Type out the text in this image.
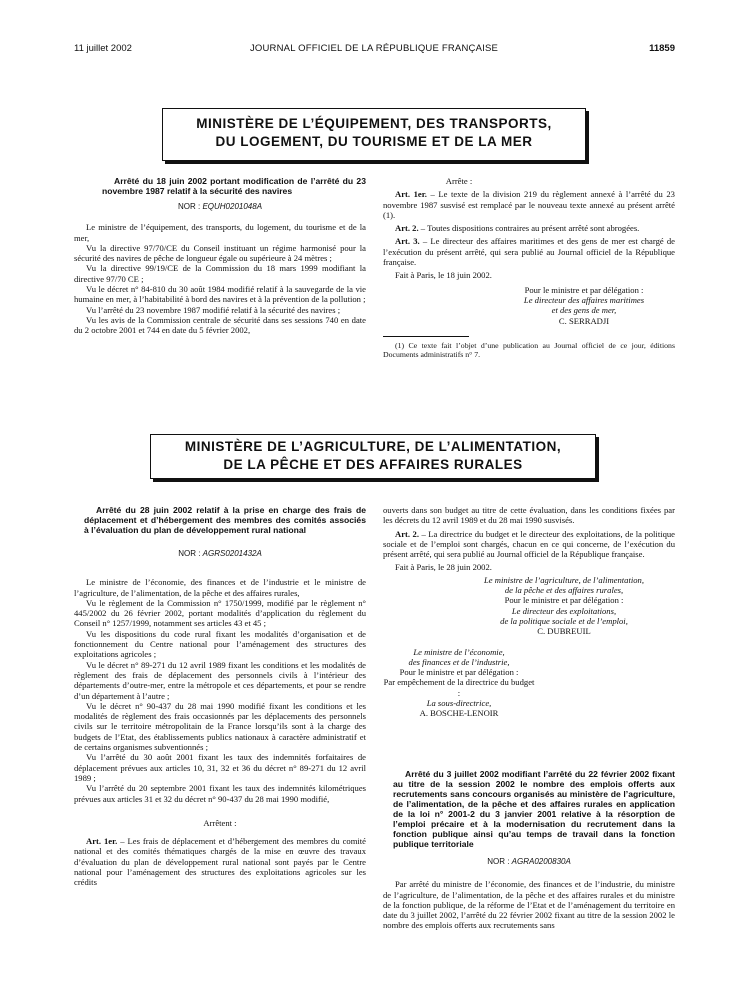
11 juillet 2002	JOURNAL OFFICIEL DE LA RÉPUBLIQUE FRANÇAISE	11859
MINISTÈRE DE L’ÉQUIPEMENT, DES TRANSPORTS,
DU LOGEMENT, DU TOURISME ET DE LA MER

Arrêté du 18 juin 2002 portant modification de l’arrêté du 23 novembre 1987 relatif à la sécurité des navires

NOR : EQUH0201048A

Le ministre de l’équipement, des transports, du logement, du tourisme et de la mer,

Vu la directive 97/70/CE du Conseil instituant un régime harmonisé pour la sécurité des navires de pêche de longueur égale ou supérieure à 24 mètres ;

Vu la directive 99/19/CE de la Commission du 18 mars 1999 modifiant la directive 97/70 CE ;

Vu le décret n° 84-810 du 30 août 1984 modifié relatif à la sauvegarde de la vie humaine en mer, à l’habitabilité à bord des navires et à la prévention de la pollution ;

Vu l’arrêté du 23 novembre 1987 modifié relatif à la sécurité des navires ;

Vu les avis de la Commission centrale de sécurité dans ses sessions 740 en date du 2 octobre 2001 et 744 en date du 5 février 2002,

Arrête :

Art. 1er. – Le texte de la division 219 du règlement annexé à l’arrêté du 23 novembre 1987 susvisé est remplacé par le nouveau texte annexé au présent arrêté (1).

Art. 2. – Toutes dispositions contraires au présent arrêté sont abrogées.

Art. 3. – Le directeur des affaires maritimes et des gens de mer est chargé de l’exécution du présent arrêté, qui sera publié au Journal officiel de la République française.

Fait à Paris, le 18 juin 2002.

Pour le ministre et par délégation :
Le directeur des affaires maritimes
et des gens de mer,
C. SERRADJI

(1) Ce texte fait l’objet d’une publication au Journal officiel de ce jour, éditions Documents administratifs n° 7.

MINISTÈRE DE L’AGRICULTURE, DE L’ALIMENTATION,
DE LA PÊCHE ET DES AFFAIRES RURALES

Arrêté du 28 juin 2002 relatif à la prise en charge des frais de déplacement et d’hébergement des membres des comités associés à l’évaluation du plan de développement rural national

NOR : AGRS0201432A

Le ministre de l’économie, des finances et de l’industrie et le ministre de l’agriculture, de l’alimentation, de la pêche et des affaires rurales,

Vu le règlement de la Commission n° 1750/1999, modifié par le règlement n° 445/2002 du 26 février 2002, portant modalités d’application du règlement du Conseil n° 1257/1999, notamment ses articles 43 et 45 ;

Vu les dispositions du code rural fixant les modalités d’organisation et de fonctionnement du Centre national pour l’aménagement des structures des exploitations agricoles ;

Vu le décret n° 89-271 du 12 avril 1989 fixant les conditions et les modalités de règlement des frais de déplacement des personnels civils à l’intérieur des départements d’outre-mer, entre la métropole et ces départements, et pour se rendre d’un département à l’autre ;

Vu le décret n° 90-437 du 28 mai 1990 modifié fixant les conditions et les modalités de règlement des frais occasionnés par les déplacements des personnels civils sur le territoire métropolitain de la France lorsqu’ils sont à la charge des budgets de l’Etat, des établissements publics nationaux à caractère administratif et de certains organismes subventionnés ;

Vu l’arrêté du 30 août 2001 fixant les taux des indemnités forfaitaires de déplacement prévues aux articles 10, 31, 32 et 36 du décret n° 89-271 du 12 avril 1989 ;

Vu l’arrêté du 20 septembre 2001 fixant les taux des indemnités kilométriques prévues aux articles 31 et 32 du décret n° 90-437 du 28 mai 1990 modifié,

Arrêtent :

Art. 1er. – Les frais de déplacement et d’hébergement des membres du comité national et des comités thématiques chargés de la mise en œuvre des travaux d’évaluation du plan de développement rural national sont payés par le Centre national pour l’aménagement des structures des exploitations agricoles sur les crédits

ouverts dans son budget au titre de cette évaluation, dans les conditions fixées par les décrets du 12 avril 1989 et du 28 mai 1990 susvisés.

Art. 2. – La directrice du budget et le directeur des exploitations, de la politique sociale et de l’emploi sont chargés, chacun en ce qui concerne, de l’exécution du présent arrêté, qui sera publié au Journal officiel de la République française.

Fait à Paris, le 28 juin 2002.

Le ministre de l’agriculture, de l’alimentation,
de la pêche et des affaires rurales,
Pour le ministre et par délégation :
Le directeur des exploitations,
de la politique sociale et de l’emploi,
C. DUBREUIL
Le ministre de l’économie,
des finances et de l’industrie,
Pour le ministre et par délégation :
Par empêchement de la directrice du budget :
La sous-directrice,
A. BOSCHE-LENOIR

Arrêté du 3 juillet 2002 modifiant l’arrêté du 22 février 2002 fixant au titre de la session 2002 le nombre des emplois offerts aux recrutements sans concours organisés au ministère de l’agriculture, de l’alimentation, de la pêche et des affaires rurales en application de la loi n° 2001-2 du 3 janvier 2001 relative à la résorption de l’emploi précaire et à la modernisation du recrutement dans la fonction publique ainsi qu’au temps de travail dans la fonction publique territoriale

NOR : AGRA0200830A

Par arrêté du ministre de l’économie, des finances et de l’industrie, du ministre de l’agriculture, de l’alimentation, de la pêche et des affaires rurales et du ministre de la fonction publique, de la réforme de l’Etat et de l’aménagement du territoire en date du 3 juillet 2002, l’arrêté du 22 février 2002 fixant au titre de la session 2002 le nombre des emplois offerts aux recrutements sans
